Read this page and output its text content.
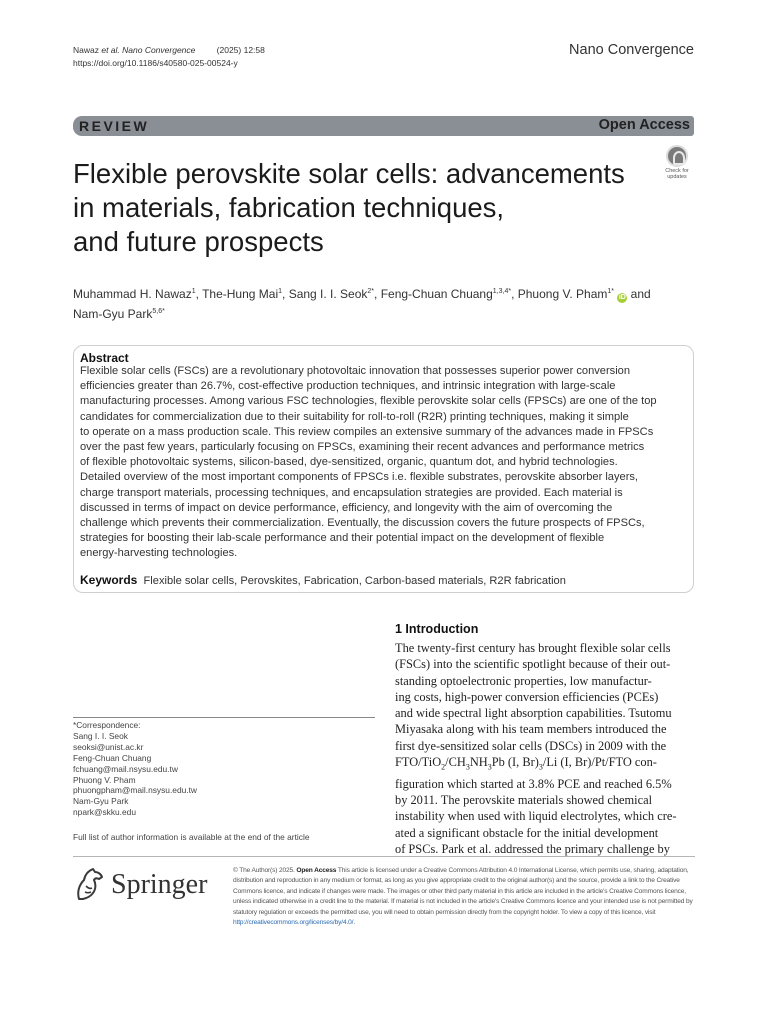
Nawaz et al. Nano Convergence	(2025) 12:58
https://doi.org/10.1186/s40580-025-00524-y
Nano Convergence
REVIEW	Open Access
Flexible perovskite solar cells: advancements
in materials, fabrication techniques,
and future prospects
Check for
updates
Muhammad H. Nawaz$^1$, The-Hung Mai$^1$, Sang I. I. Seok$^{2*}$, Feng-Chuan Chuang$^{1,3,4*}$, Phuong V. Pham$^{1*}$ iD and
Nam-Gyu Park$^{5,6*}$
Abstract
Flexible solar cells (FSCs) are a revolutionary photovoltaic innovation that possesses superior power conversion
efficiencies greater than 26.7%, cost-effective production techniques, and intrinsic integration with large-scale
manufacturing processes. Among various FSC technologies, flexible perovskite solar cells (FPSCs) are one of the top
candidates for commercialization due to their suitability for roll-to-roll (R2R) printing techniques, making it simple
to operate on a mass production scale. This review compiles an extensive summary of the advances made in FPSCs
over the past few years, particularly focusing on FPSCs, examining their recent advances and performance metrics
of flexible photovoltaic systems, silicon-based, dye-sensitized, organic, quantum dot, and hybrid technologies.
Detailed overview of the most important components of FPSCs i.e. flexible substrates, perovskite absorber layers,
charge transport materials, processing techniques, and encapsulation strategies are provided. Each material is
discussed in terms of impact on device performance, efficiency, and longevity with the aim of overcoming the
challenge which prevents their commercialization. Eventually, the discussion covers the future prospects of FPSCs,
strategies for boosting their lab-scale performance and their potential impact on the development of flexible
energy-harvesting technologies.
Keywords Flexible solar cells, Perovskites, Fabrication, Carbon-based materials, R2R fabrication
1 Introduction
The twenty-first century has brought flexible solar cells
(FSCs) into the scientific spotlight because of their out-
standing optoelectronic properties, low manufactur-
ing costs, high-power conversion efficiencies (PCEs)
and wide spectral light absorption capabilities. Tsutomu
Miyasaka along with his team members introduced the
first dye-sensitized solar cells (DSCs) in 2009 with the
FTO/$TiO_2/CH_3NH_3Pb$ (I, $Br)_3/Li$ (I, Br)/Pt/FTO con-
figuration which started at 3.8% PCE and reached 6.5%
by 2011. The perovskite materials showed chemical
instability when used with liquid electrolytes, which cre-
ated a significant obstacle for the initial development
of PSCs. Park et al. addressed the primary challenge by
*Correspondence:
Sang I. I. Seok
seoksi@unist.ac.kr
Feng-Chuan Chuang
fchuang@mail.nsysu.edu.tw
Phuong V. Pham
phuongpham@mail.nsysu.edu.tw
Nam-Gyu Park
npark@skku.edu
Full list of author information is available at the end of the article
Springer	© The Author(s) 2025. Open Access This article is licensed under a Creative Commons Attribution 4.0 International License, which permits use, sharing, adaptation, distribution and reproduction in any medium or format, as long as you give appropriate credit to the original author(s) and the source, provide a link to the Creative Commons licence, and indicate if changes were made. The images or other third party material in this article are included in the article's Creative Commons licence, unless indicated otherwise in a credit line to the material. If material is not included in the article's Creative Commons licence and your intended use is not permitted by statutory regulation or exceeds the permitted use, you will need to obtain permission directly from the copyright holder. To view a copy of this licence, visit http://creativecommons.org/licenses/by/4.0/.
